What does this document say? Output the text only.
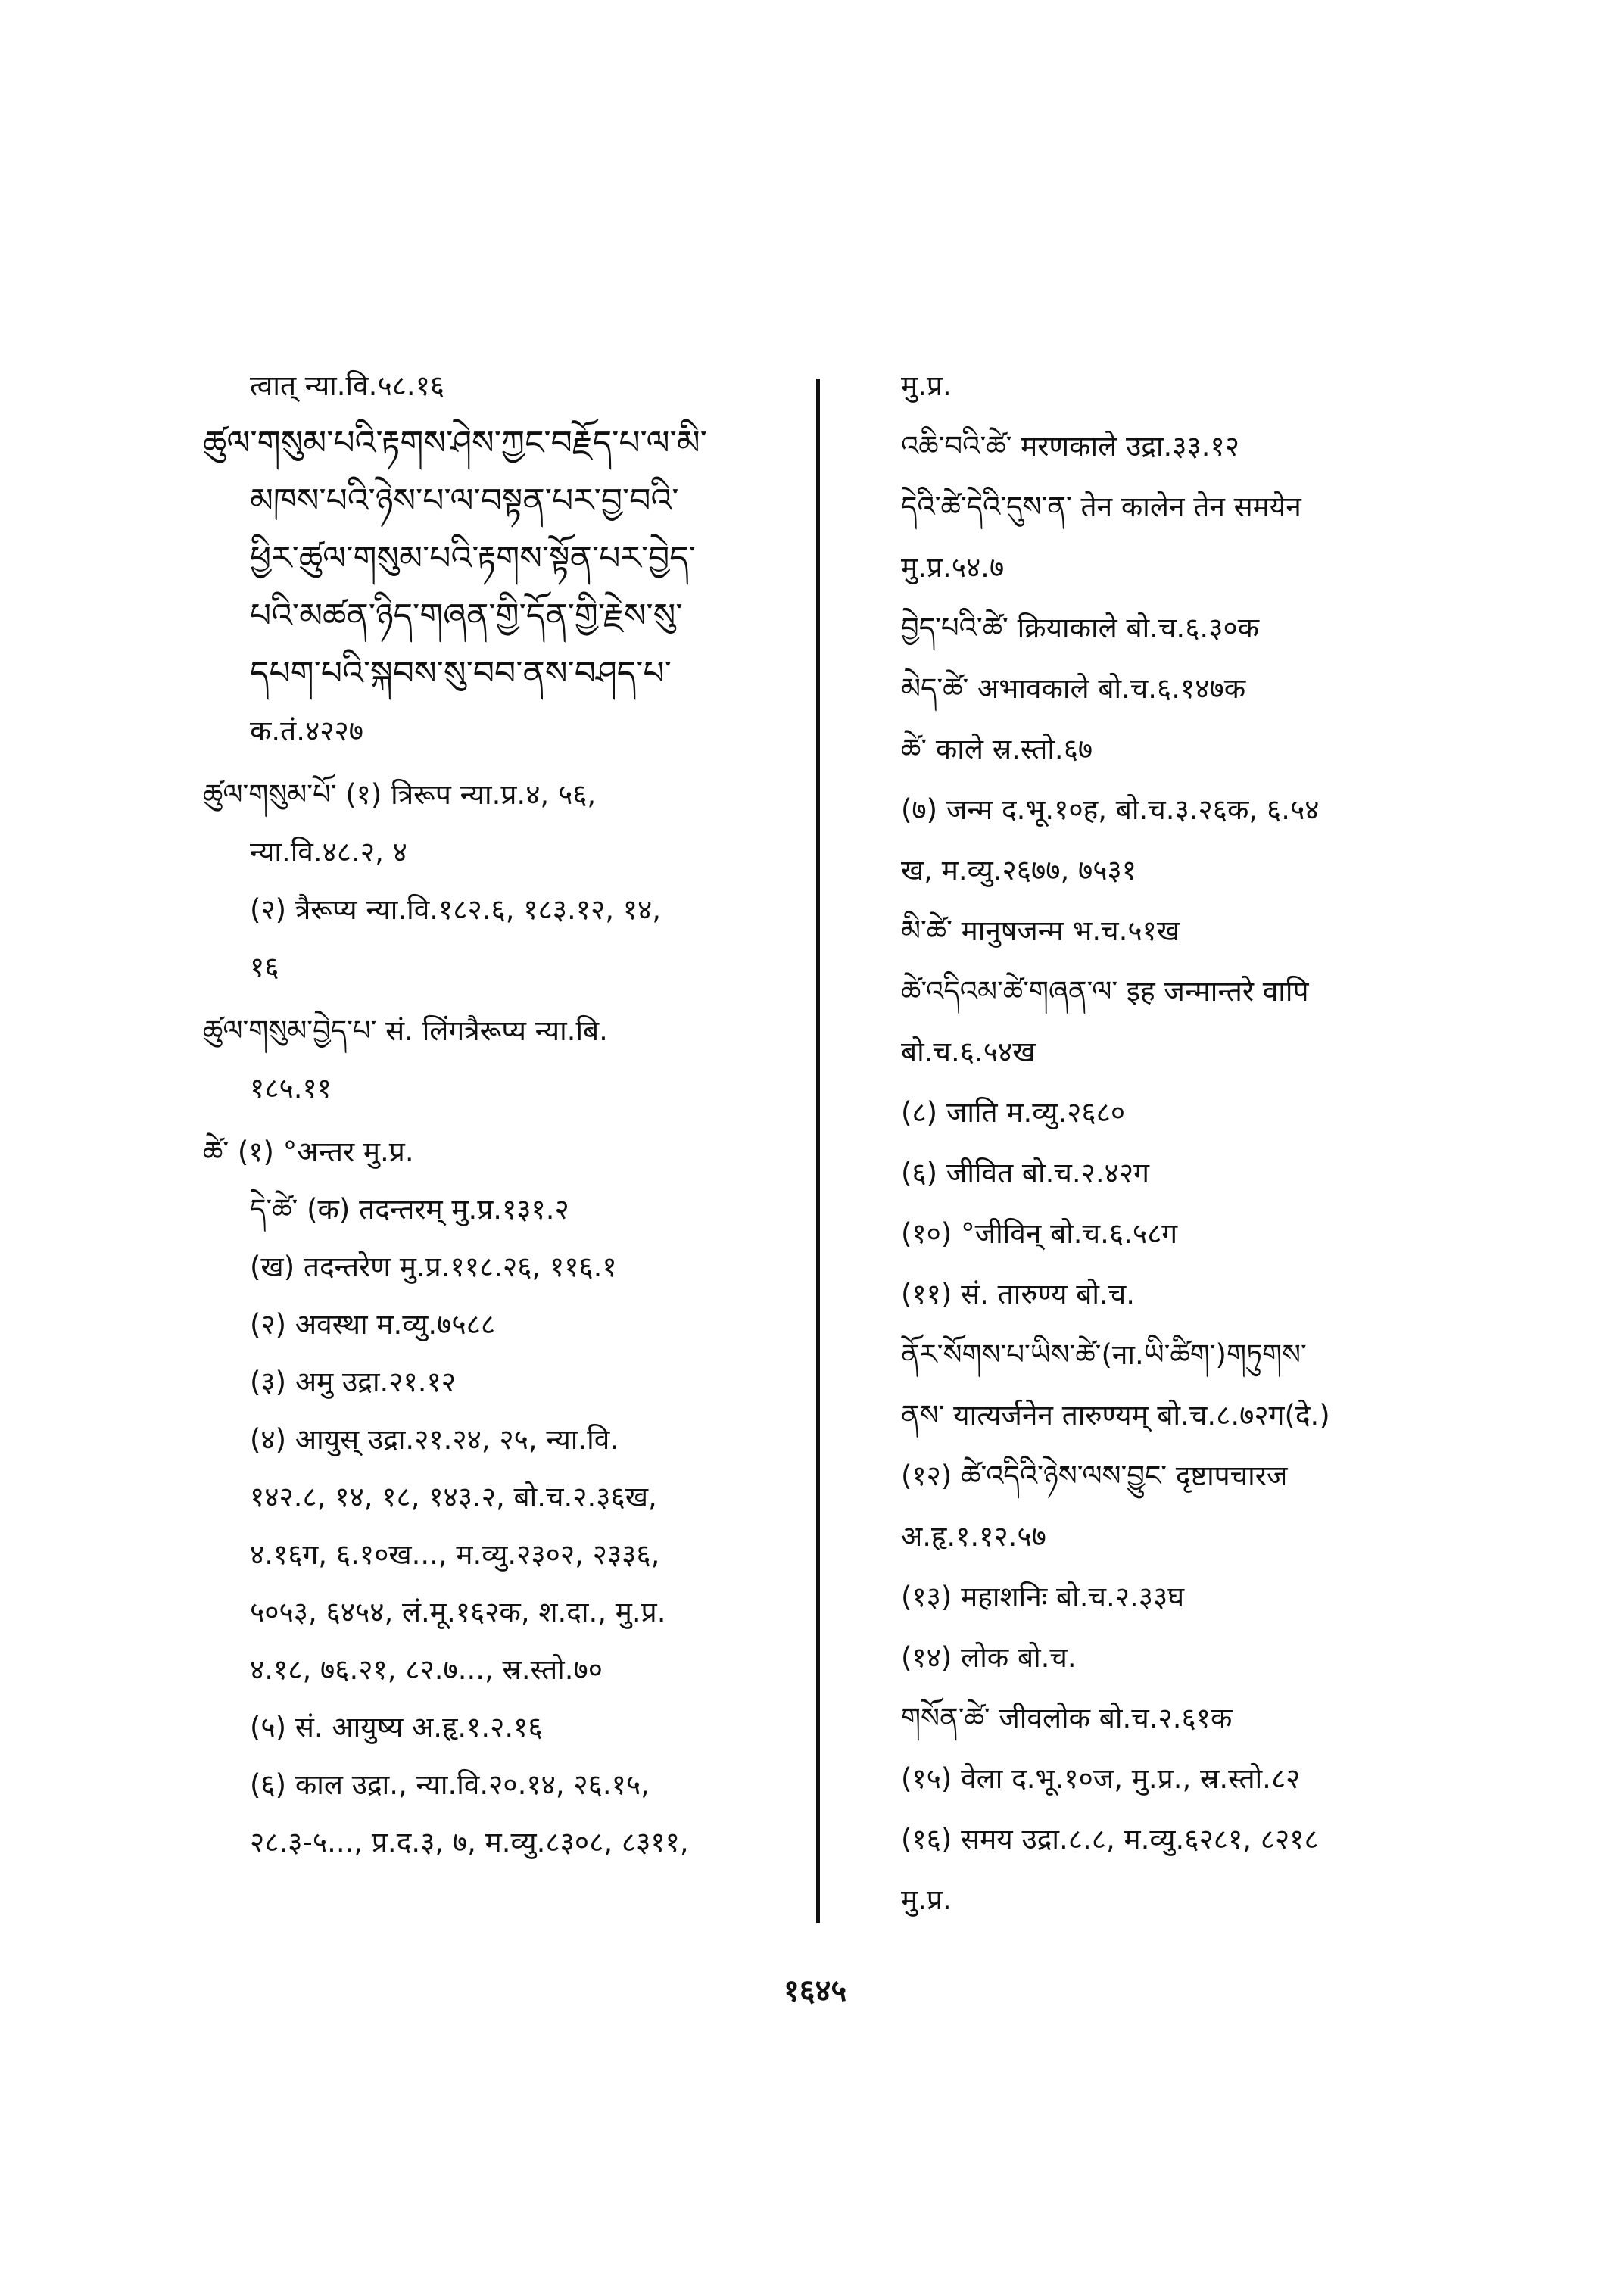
त्वात् न्या.वि.५८.१६
ཚུལ་གསུམ་པའི་རྟགས་ཤེས་ཀྱང་བརྗོད་པ་ལ་མི་
མཁས་པའི་ཉེས་པ་ལ་བསྟན་པར་བྱ་བའི་
ཕྱིར་ཚུལ་གསུམ་པའི་རྟགས་སྟོན་པར་བྱེད་
པའི་མཚན་ཉིད་གཞན་གྱི་དོན་གྱི་རྗེས་སུ་
དཔག་པའི་སྐབས་སུ་བབ་ནས་བཤད་པ་
क.तं.४२२७
ཚུལ་གསུམ་པོ་ (१) त्रिरूप न्या.प्र.४, ५६,
न्या.वि.४८.२, ४
(२) त्रैरूप्य न्या.वि.१८२.६, १८३.१२, १४,
१६
ཚུལ་གསུམ་བྱེད་པ་ सं. लिंगत्रैरूप्य न्या.बि.
१८५.११
ཚེ་ (१) °अन्तर मु.प्र.
དེ་ཚེ་ (क) तदन्तरम् मु.प्र.१३१.२
(ख) तदन्तरेण मु.प्र.११८.२६, ११६.१
(२) अवस्था म.व्यु.७५८८
(३) अमु उद्रा.२१.१२
(४) आयुस् उद्रा.२१.२४, २५, न्या.वि.
१४२.८, १४, १८, १४३.२, बो.च.२.३६ख,
४.१६ग, ६.१०ख..., म.व्यु.२३०२, २३३६,
५०५३, ६४५४, लं.मू.१६२क, श.दा., मु.प्र.
४.१८, ७६.२१, ८२.७..., स्र.स्तो.७०
(५) सं. आयुष्य अ.हृ.१.२.१६
(६) काल उद्रा., न्या.वि.२०.१४, २६.१५,
२८.३-५..., प्र.द.३, ७, म.व्यु.८३०८, ८३११,
मु.प्र.
འཆི་བའི་ཚེ་ मरणकाले उद्रा.३३.१२
དེའི་ཚེ་དེའི་དུས་ན་ तेन कालेन तेन समयेन
मु.प्र.५४.७
བྱེད་པའི་ཚེ་ क्रियाकाले बो.च.६.३०क
མེད་ཚེ་ अभावकाले बो.च.६.१४७क
ཚེ་ काले स्र.स्तो.६७
(७) जन्म द.भू.१०ह, बो.च.३.२६क, ६.५४
ख, म.व्यु.२६७७, ७५३१
མི་ཚེ་ मानुषजन्म भ.च.५१ख
ཚེ་འདིའམ་ཚེ་གཞན་ལ་ इह जन्मान्तरे वापि
बो.च.६.५४ख
(८) जाति म.व्यु.२६८०
(६) जीवित बो.च.२.४२ग
(१०) °जीविन् बो.च.६.५८ग
(११) सं. तारुण्य बो.च.
ནོར་སོགས་པ་ཡིས་ཚེ་(ना.ཡི་ཚིག་)གཏུགས་
ནས་ यात्यर्जनेन तारुण्यम् बो.च.८.७२ग(दे.)
(१२) ཚེ་འདིའི་ཉེས་ལས་བྱུང་ दृष्टापचारज
अ.हृ.१.१२.५७
(१३) महाशनिः बो.च.२.३३घ
(१४) लोक बो.च.
གསོན་ཚེ་ जीवलोक बो.च.२.६१क
(१५) वेला द.भू.१०ज, मु.प्र., स्र.स्तो.८२
(१६) समय उद्रा.८.८, म.व्यु.६२८१, ८२१८
मु.प्र.
१६४५
